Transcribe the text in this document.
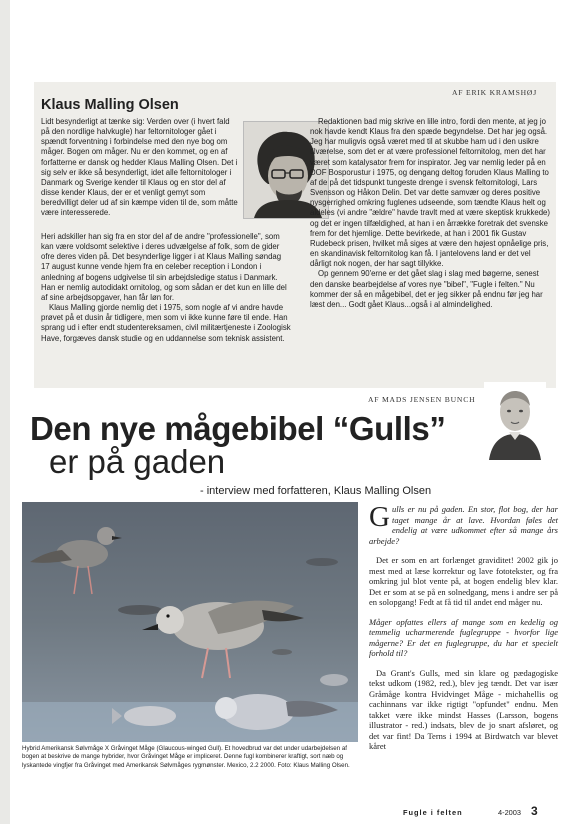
AF ERIK KRAMSHØJ
Klaus Malling Olsen

Lidt besynderligt at tænke sig: Verden over (i hvert fald på den nordlige halvkugle) har feltornitologer gået i spændt forventning i forbindelse med den nye bog om måger. Bogen om måger. Nu er den kommet, og en af forfatterne er dansk og hedder Klaus Malling Olsen. Det i sig selv er ikke så besynderligt, idet alle feltornitologer i Danmark og Sverige kender til Klaus og en stor del af disse kender Klaus, der er et venligt gemyt som beredvilligt deler ud af sin kæmpe viden til de, som måtte være interesserede.

Heri adskiller han sig fra en stor del af de andre "professionelle", som kan være voldsomt selektive i deres udvælgelse af folk, som de gider ofre deres viden på. Det besynderlige ligger i at Klaus Malling søndag 17 august kunne vende hjem fra en celeber reception i London i anledning af bogens udgivelse til sin arbejdsledige status i Danmark. Han er nemlig autodidakt ornitolog, og som sådan er det kun en lille del af sine arbejdsopgaver, han får løn for.

Klaus Malling gjorde nemlig det i 1975, som nogle af vi andre havde prøvet på et dusin år tidligere, men som vi ikke kunne føre til ende. Han sprang ud i efter endt studentereksamen, civil militærtjeneste i Zoologisk Have, forgæves dansk studie og en uddannelse som teknisk assistent.

Redaktionen bad mig skrive en lille intro, fordi den mente, at jeg jo nok havde kendt Klaus fra den spæde begyndelse. Det har jeg også. Jeg har muligvis også været med til at skubbe ham ud i den usikre tilværelse, som det er at være professionel feltornitolog, men det har været som katalysator frem for inspirator. Jeg var nemlig leder på en DOF Bosporustur i 1975, og dengang deltog foruden Klaus Malling to af de på det tidspunkt tungeste drenge i svensk feltornitologi, Lars Svensson og Håkon Delin. Det var dette samvær og deres positive nysgerrighed omkring fuglenes udseende, som tændte Klaus helt og aldeles (vi andre "ældre" havde travlt med at være skeptisk krukkede) og det er ingen tilfældighed, at han i en årrække foretrak det svenske frem for det hjemlige. Dette bevirkede, at han i 2001 fik Gustav Rudebeck prisen, hvilket må siges at være den højest opnåelige pris, en skandinavisk feltornitolog kan få. I jantelovens land er det vel dårligt nok nogen, der har sagt tillykke.

Op gennem 90'erne er det gået slag i slag med bøgerne, senest den danske bearbejdelse af vores nye "bibel", "Fugle i felten." Nu kommer der så en mågebibel, det er jeg sikker på endnu før jeg har læst den... Godt gået Klaus...også i al almindelighed.

AF MADS JENSEN BUNCH
Den nye mågebibel “Gulls”
er på gaden
- interview med forfatteren, Klaus Malling Olsen
Hybrid Amerikansk Sølvmåge X Gråvinget Måge (Glaucous-winged Gull). Et hovedbrud var det under udarbejdelsen af bogen at beskrive de mange hybrider, hvor Gråvinget Måge er impliceret. Denne fugl kombinerer kraftigt, sort næb og lyskantede vingfjer fra Gråvinget med Amerikansk Sølvmåges rygmønster. Mexico, 2.2 2000. Foto: Klaus Malling Olsen.

Gulls er nu på gaden. En stor, flot bog, der har taget mange år at lave. Hvordan føles det endelig at være udkommet efter så mange års arbejde?

Det er som en art forlænget graviditet! 2002 gik jo mest med at læse korrektur og lave fototekster, og fra omkring jul blot vente på, at bogen endelig blev klar. Det er som at se på en solnedgang, mens i andre ser på en solopgang! Fedt at få tid til andet end måger nu.

Måger opfattes ellers af mange som en kedelig og temmelig ucharmerende fuglegruppe - hvorfor lige mågerne? Er det en fuglegruppe, du har et specielt forhold til?

Da Grant's Gulls, med sin klare og pædagogiske tekst udkom (1982, red.), blev jeg tændt. Det var især Gråmåge kontra Hvidvinget Måge - michahellis og cachinnans var ikke rigtigt "opfundet" endnu. Men takket være ikke mindst Hasses (Larsson, bogens illustrator - red.) indsats, blev de jo snart afsløret, og det var fint! Da Terns i 1994 at Birdwatch var blevet kåret

Fugle i felten	4-2003 3
